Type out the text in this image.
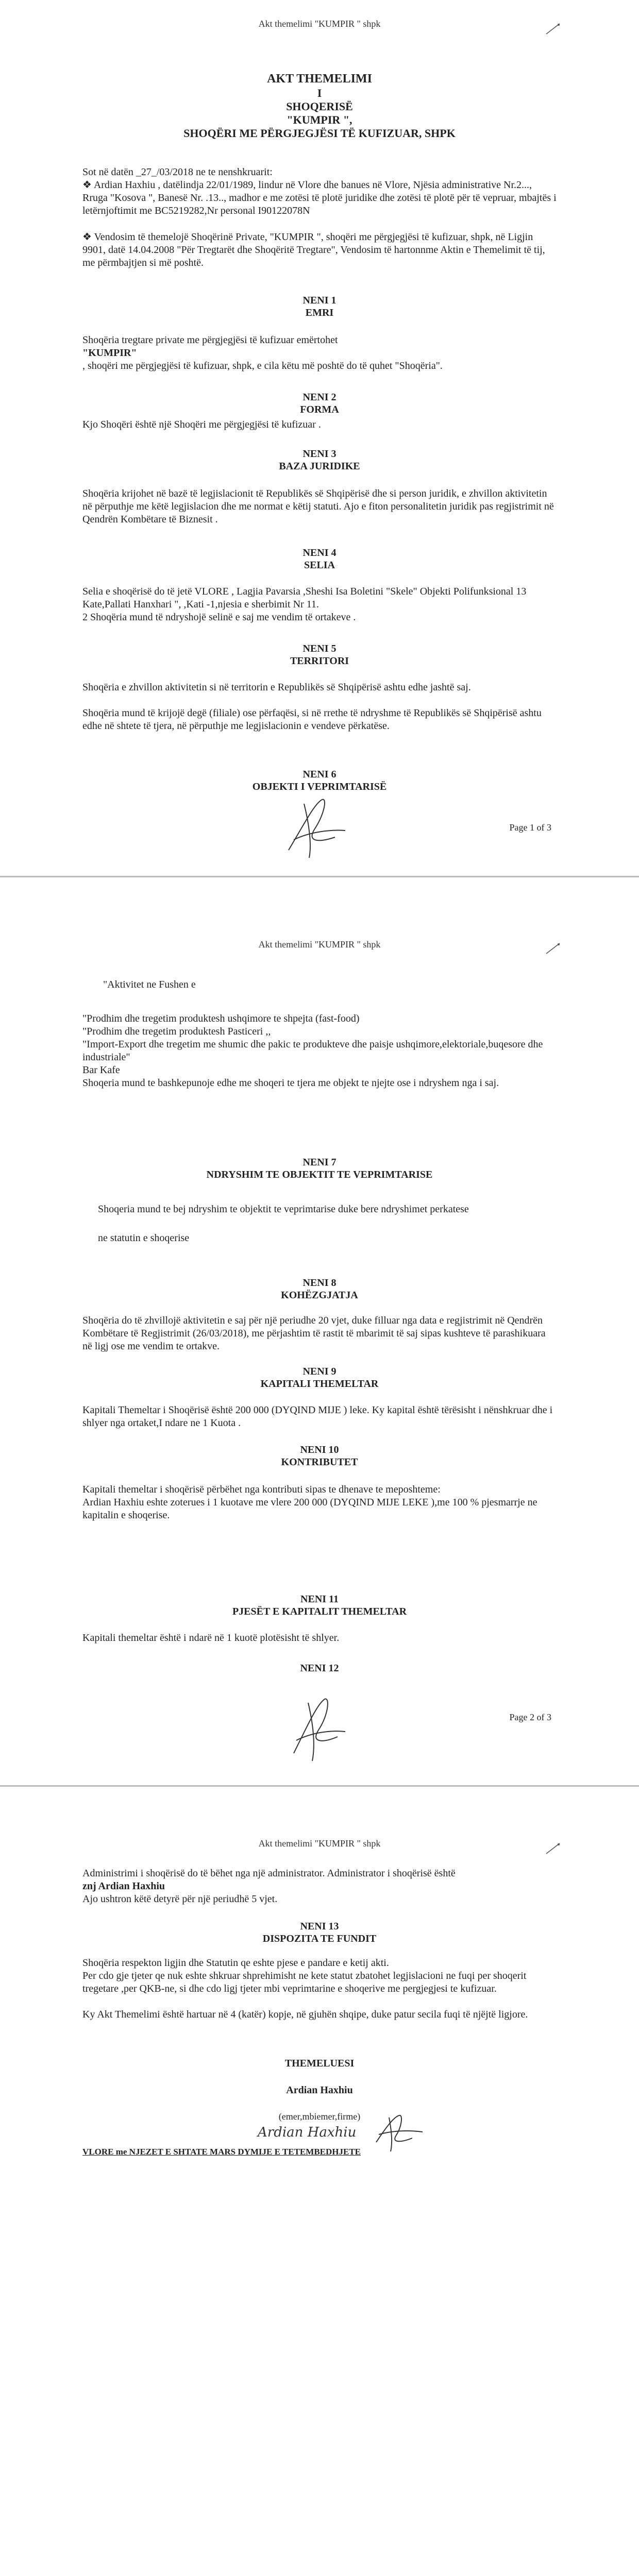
Akt themelimi "KUMPIR " shpk
AKT THEMELIMI
I
SHOQERISË
"KUMPIR ",
SHOQËRI ME PËRGJEGJËSI TË KUFIZUAR, SHPK
Sot në datën _27_/03/2018 ne te nenshkruarit:
❖ Ardian Haxhiu , datëlindja 22/01/1989, lindur në Vlore dhe banues në Vlore, Njësia administrative Nr.2..., Rruga "Kosova ", Banesë Nr. .13.., madhor e me zotësi të plotë juridike dhe zotësi të plotë për të vepruar, mbajtës i letërnjoftimit me BC5219282,Nr personal I90122078N
❖ Vendosim të themelojë Shoqërinë Private, "KUMPIR ", shoqëri me përgjegjësi të kufizuar, shpk, në Ligjin 9901, datë 14.04.2008 "Për Tregtarët dhe Shoqëritë Tregtare", Vendosim të hartonnme Aktin e Themelimit të tij, me përmbajtjen si më poshtë.
NENI 1
EMRI
Shoqëria tregtare private me përgjegjësi të kufizuar emërtohet
"KUMPIR"
, shoqëri me përgjegjësi të kufizuar, shpk, e cila këtu më poshtë do të quhet "Shoqëria".
NENI 2
FORMA
Kjo Shoqëri është një Shoqëri me përgjegjësi të kufizuar .
NENI 3
BAZA JURIDIKE
Shoqëria krijohet në bazë të legjislacionit të Republikës së Shqipërisë dhe si person juridik, e zhvillon aktivitetin në përputhje me këtë legjislacion dhe me normat e këtij statuti. Ajo e fiton personalitetin juridik pas regjistrimit në Qendrën Kombëtare të Biznesit .
NENI 4
SELIA
Selia e shoqërisë do të jetë VLORE , Lagjia Pavarsia ,Sheshi Isa Boletini "Skele" Objekti Polifunksional 13 Kate,Pallati Hanxhari ", ,Kati -1,njesia e sherbimit Nr 11.
2 Shoqëria mund të ndryshojë selinë e saj me vendim të ortakeve .
NENI 5
TERRITORI
Shoqëria e zhvillon aktivitetin si në territorin e Republikës së Shqipërisë ashtu edhe jashtë saj.
Shoqëria mund të krijojë degë (filiale) ose përfaqësi, si në rrethe të ndryshme të Republikës së Shqipërisë ashtu edhe në shtete të tjera, në përputhje me legjislacionin e vendeve përkatëse.
NENI 6
OBJEKTI I VEPRIMTARISË
Page 1 of 3
Akt themelimi "KUMPIR " shpk
"Aktivitet ne Fushen e
"Prodhim dhe tregetim produktesh ushqimore te shpejta (fast-food)
"Prodhim dhe tregetim produktesh Pasticeri ,,
"Import-Export dhe tregetim me shumic dhe pakic te produkteve dhe paisje ushqimore,elektoriale,buqesore dhe industriale"
Bar Kafe
Shoqeria mund te bashkepunoje edhe me shoqeri te tjera me objekt te njejte ose i ndryshem nga i saj.
NENI 7
NDRYSHIM TE OBJEKTIT TE VEPRIMTARISE
Shoqeria mund te bej ndryshim te objektit te veprimtarise duke bere ndryshimet perkatese
ne statutin e shoqerise
NENI 8
KOHËZGJATJA
Shoqëria do të zhvillojë aktivitetin e saj për një periudhe 20 vjet, duke filluar nga data e regjistrimit në Qendrën Kombëtare të Regjistrimit (26/03/2018), me përjashtim të rastit të mbarimit të saj sipas kushteve të parashikuara në ligj ose me vendim te ortakve.
NENI 9
KAPITALI THEMELTAR
Kapitali Themeltar i Shoqërisë është 200 000 (DYQIND MIJE ) leke. Ky kapital është tërësisht i nënshkruar dhe i shlyer nga ortaket,I ndare ne 1 Kuota .
NENI 10
KONTRIBUTET
Kapitali themeltar i shoqërisë përbëhet nga kontributi sipas te dhenave te meposhteme:
Ardian Haxhiu eshte zoterues i 1 kuotave me vlere 200 000 (DYQIND MIJE LEKE ),me 100 % pjesmarrje ne kapitalin e shoqerise.
NENI 11
PJESËT E KAPITALIT THEMELTAR
Kapitali themeltar është i ndarë në 1 kuotë plotësisht të shlyer.
NENI 12
Page 2 of 3
Akt themelimi "KUMPIR " shpk
Administrimi i shoqërisë do të bëhet nga një administrator. Administrator i shoqërisë është
znj Ardian Haxhiu
Ajo ushtron këtë detyrë për një periudhë 5 vjet.
NENI 13
DISPOZITA TE FUNDIT
Shoqëria respekton ligjin dhe Statutin qe eshte pjese e pandare e ketij akti.
Per cdo gje tjeter qe nuk eshte shkruar shprehimisht ne kete statut zbatohet legjislacioni ne fuqi per shoqerit tregetare ,per QKB-ne, si dhe cdo ligj tjeter mbi veprimtarine e shoqerive me pergjegjesi te kufizuar.
Ky Akt Themelimi është hartuar në 4 (katër) kopje, në gjuhën shqipe, duke patur secila fuqi të njëjtë ligjore.
THEMELUESI
Ardian Haxhiu
(emer,mbiemer,firme)
Ardian Haxhiu
VLORE me NJEZET E SHTATE MARS DYMIJE E TETEMBEDHJETE
